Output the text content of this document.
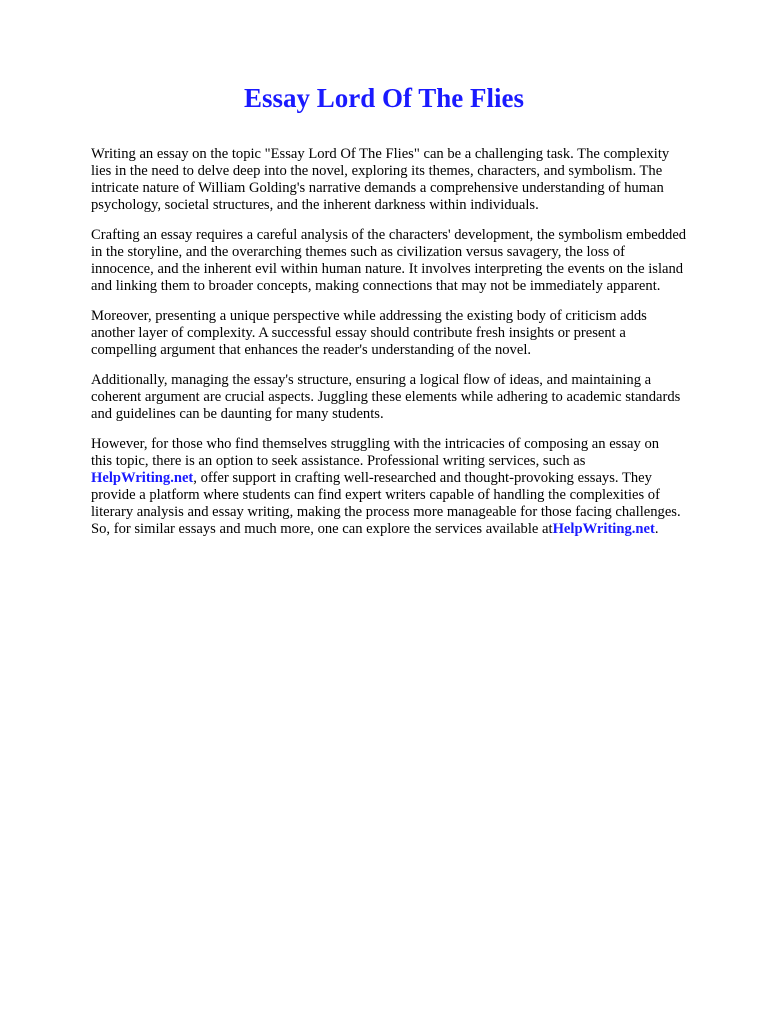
Essay Lord Of The Flies

Writing an essay on the topic "Essay Lord Of The Flies" can be a challenging task. The complexity
lies in the need to delve deep into the novel, exploring its themes, characters, and symbolism. The
intricate nature of William Golding's narrative demands a comprehensive understanding of human
psychology, societal structures, and the inherent darkness within individuals.

Crafting an essay requires a careful analysis of the characters' development, the symbolism embedded
in the storyline, and the overarching themes such as civilization versus savagery, the loss of
innocence, and the inherent evil within human nature. It involves interpreting the events on the island
and linking them to broader concepts, making connections that may not be immediately apparent.

Moreover, presenting a unique perspective while addressing the existing body of criticism adds
another layer of complexity. A successful essay should contribute fresh insights or present a
compelling argument that enhances the reader's understanding of the novel.

Additionally, managing the essay's structure, ensuring a logical flow of ideas, and maintaining a
coherent argument are crucial aspects. Juggling these elements while adhering to academic standards
and guidelines can be daunting for many students.

However, for those who find themselves struggling with the intricacies of composing an essay on
this topic, there is an option to seek assistance. Professional writing services, such as
HelpWriting.net, offer support in crafting well-researched and thought-provoking essays. They
provide a platform where students can find expert writers capable of handling the complexities of
literary analysis and essay writing, making the process more manageable for those facing challenges.
So, for similar essays and much more, one can explore the services available atHelpWriting.net.
